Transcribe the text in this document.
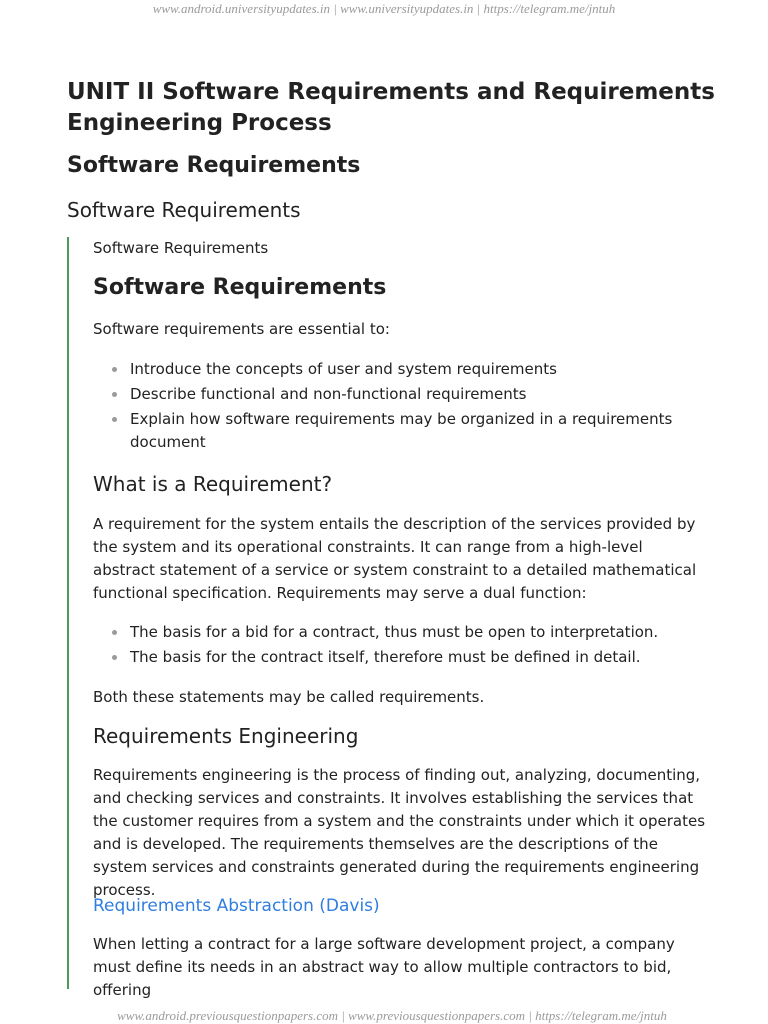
www.android.universityupdates.in | www.universityupdates.in | https://telegram.me/jntuh
UNIT II Software Requirements and Requirements Engineering Process
Software Requirements
Software Requirements
Software Requirements
Software Requirements
Software requirements are essential to:
Introduce the concepts of user and system requirements
Describe functional and non-functional requirements
Explain how software requirements may be organized in a requirements document
What is a Requirement?
A requirement for the system entails the description of the services provided by the system and its operational constraints. It can range from a high-level abstract statement of a service or system constraint to a detailed mathematical functional specification. Requirements may serve a dual function:
The basis for a bid for a contract, thus must be open to interpretation.
The basis for the contract itself, therefore must be defined in detail.
Both these statements may be called requirements.
Requirements Engineering
Requirements engineering is the process of finding out, analyzing, documenting, and checking services and constraints. It involves establishing the services that the customer requires from a system and the constraints under which it operates and is developed. The requirements themselves are the descriptions of the system services and constraints generated during the requirements engineering process.
Requirements Abstraction (Davis)
When letting a contract for a large software development project, a company must define its needs in an abstract way to allow multiple contractors to bid, offering
www.android.previousquestionpapers.com | www.previousquestionpapers.com | https://telegram.me/jntuh
